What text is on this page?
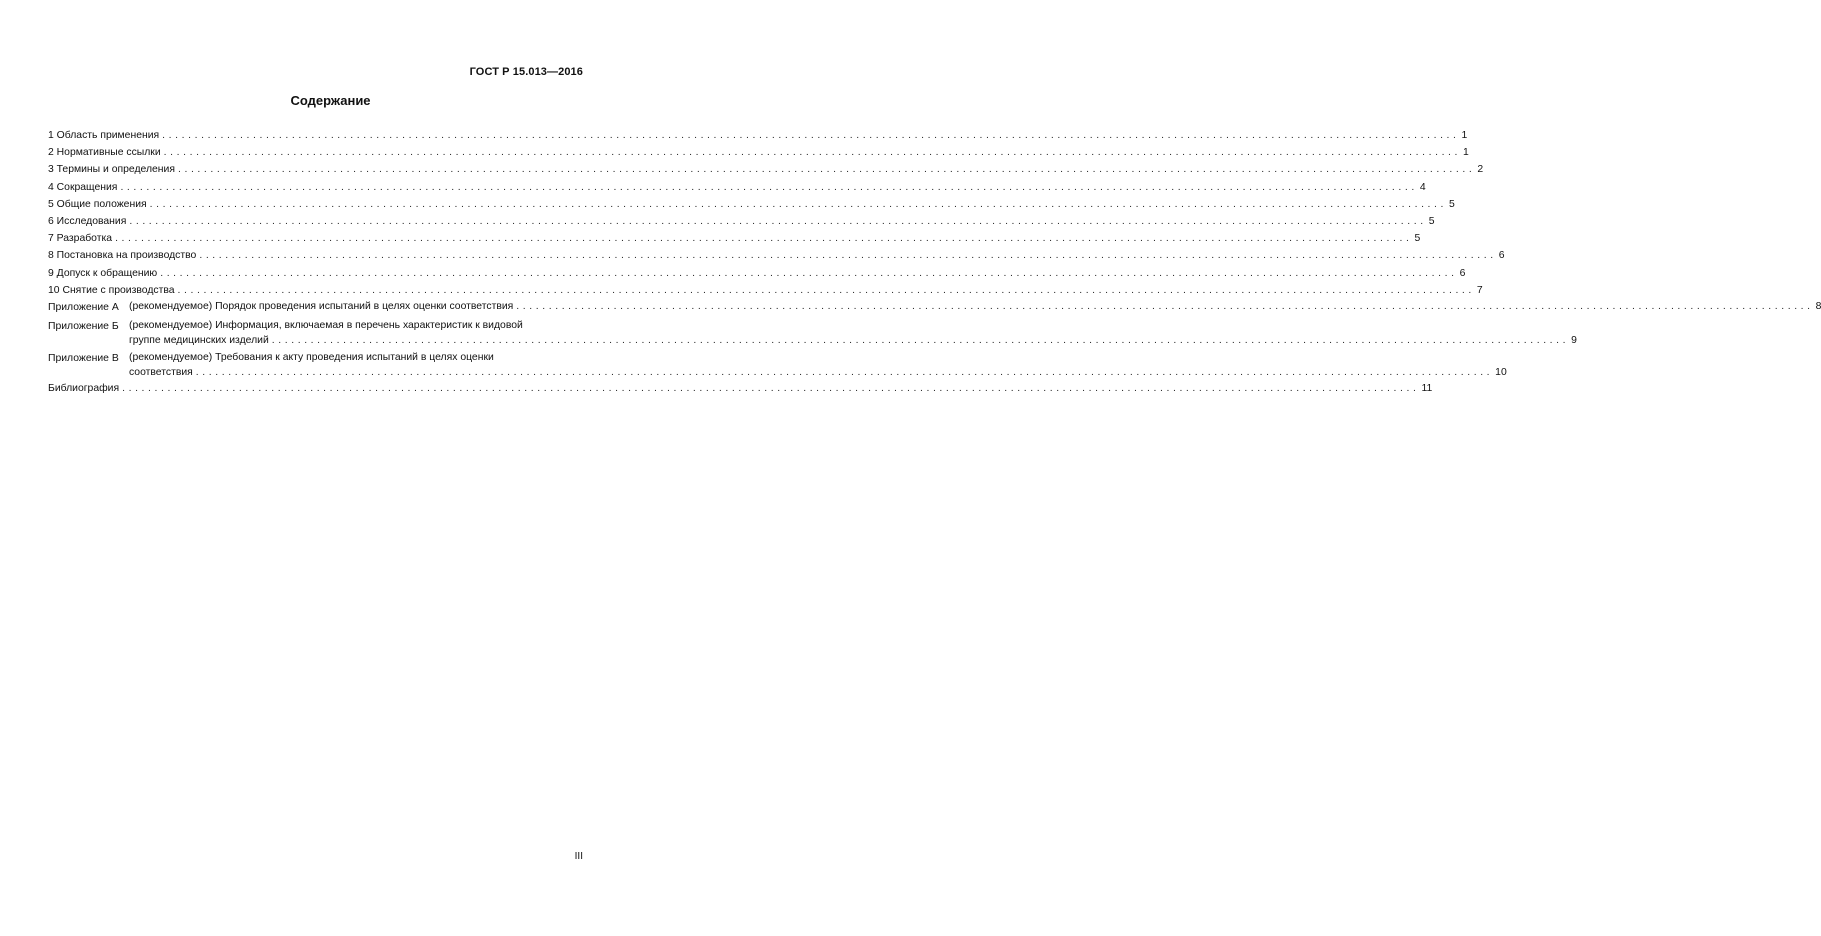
ГОСТ Р 15.013—2016
Содержание
1 Область применения ........................................................................................................................................................................................................ 1
2 Нормативные ссылки ........................................................................................................................................................................................................ 1
3 Термины и определения ........................................................................................................................................................................................................ 2
4 Сокращения ........................................................................................................................................................................................................ 4
5 Общие положения ........................................................................................................................................................................................................ 5
6 Исследования ........................................................................................................................................................................................................ 5
7 Разработка ........................................................................................................................................................................................................ 5
8 Постановка на производство ........................................................................................................................................................................................................ 6
9 Допуск к обращению ........................................................................................................................................................................................................ 6
10 Снятие с производства ........................................................................................................................................................................................................ 7
Приложение А (рекомендуемое) Порядок проведения испытаний в целях оценки соответствия ........................................................................................................................................................................................................ 8
Приложение Б (рекомендуемое) Информация, включаемая в перечень характеристик к видовой
группе медицинских изделий ........................................................................................................................................................................................................ 9
Приложение В (рекомендуемое) Требования к акту проведения испытаний в целях оценки
соответствия ........................................................................................................................................................................................................ 10
Библиография ........................................................................................................................................................................................................ 11
III
